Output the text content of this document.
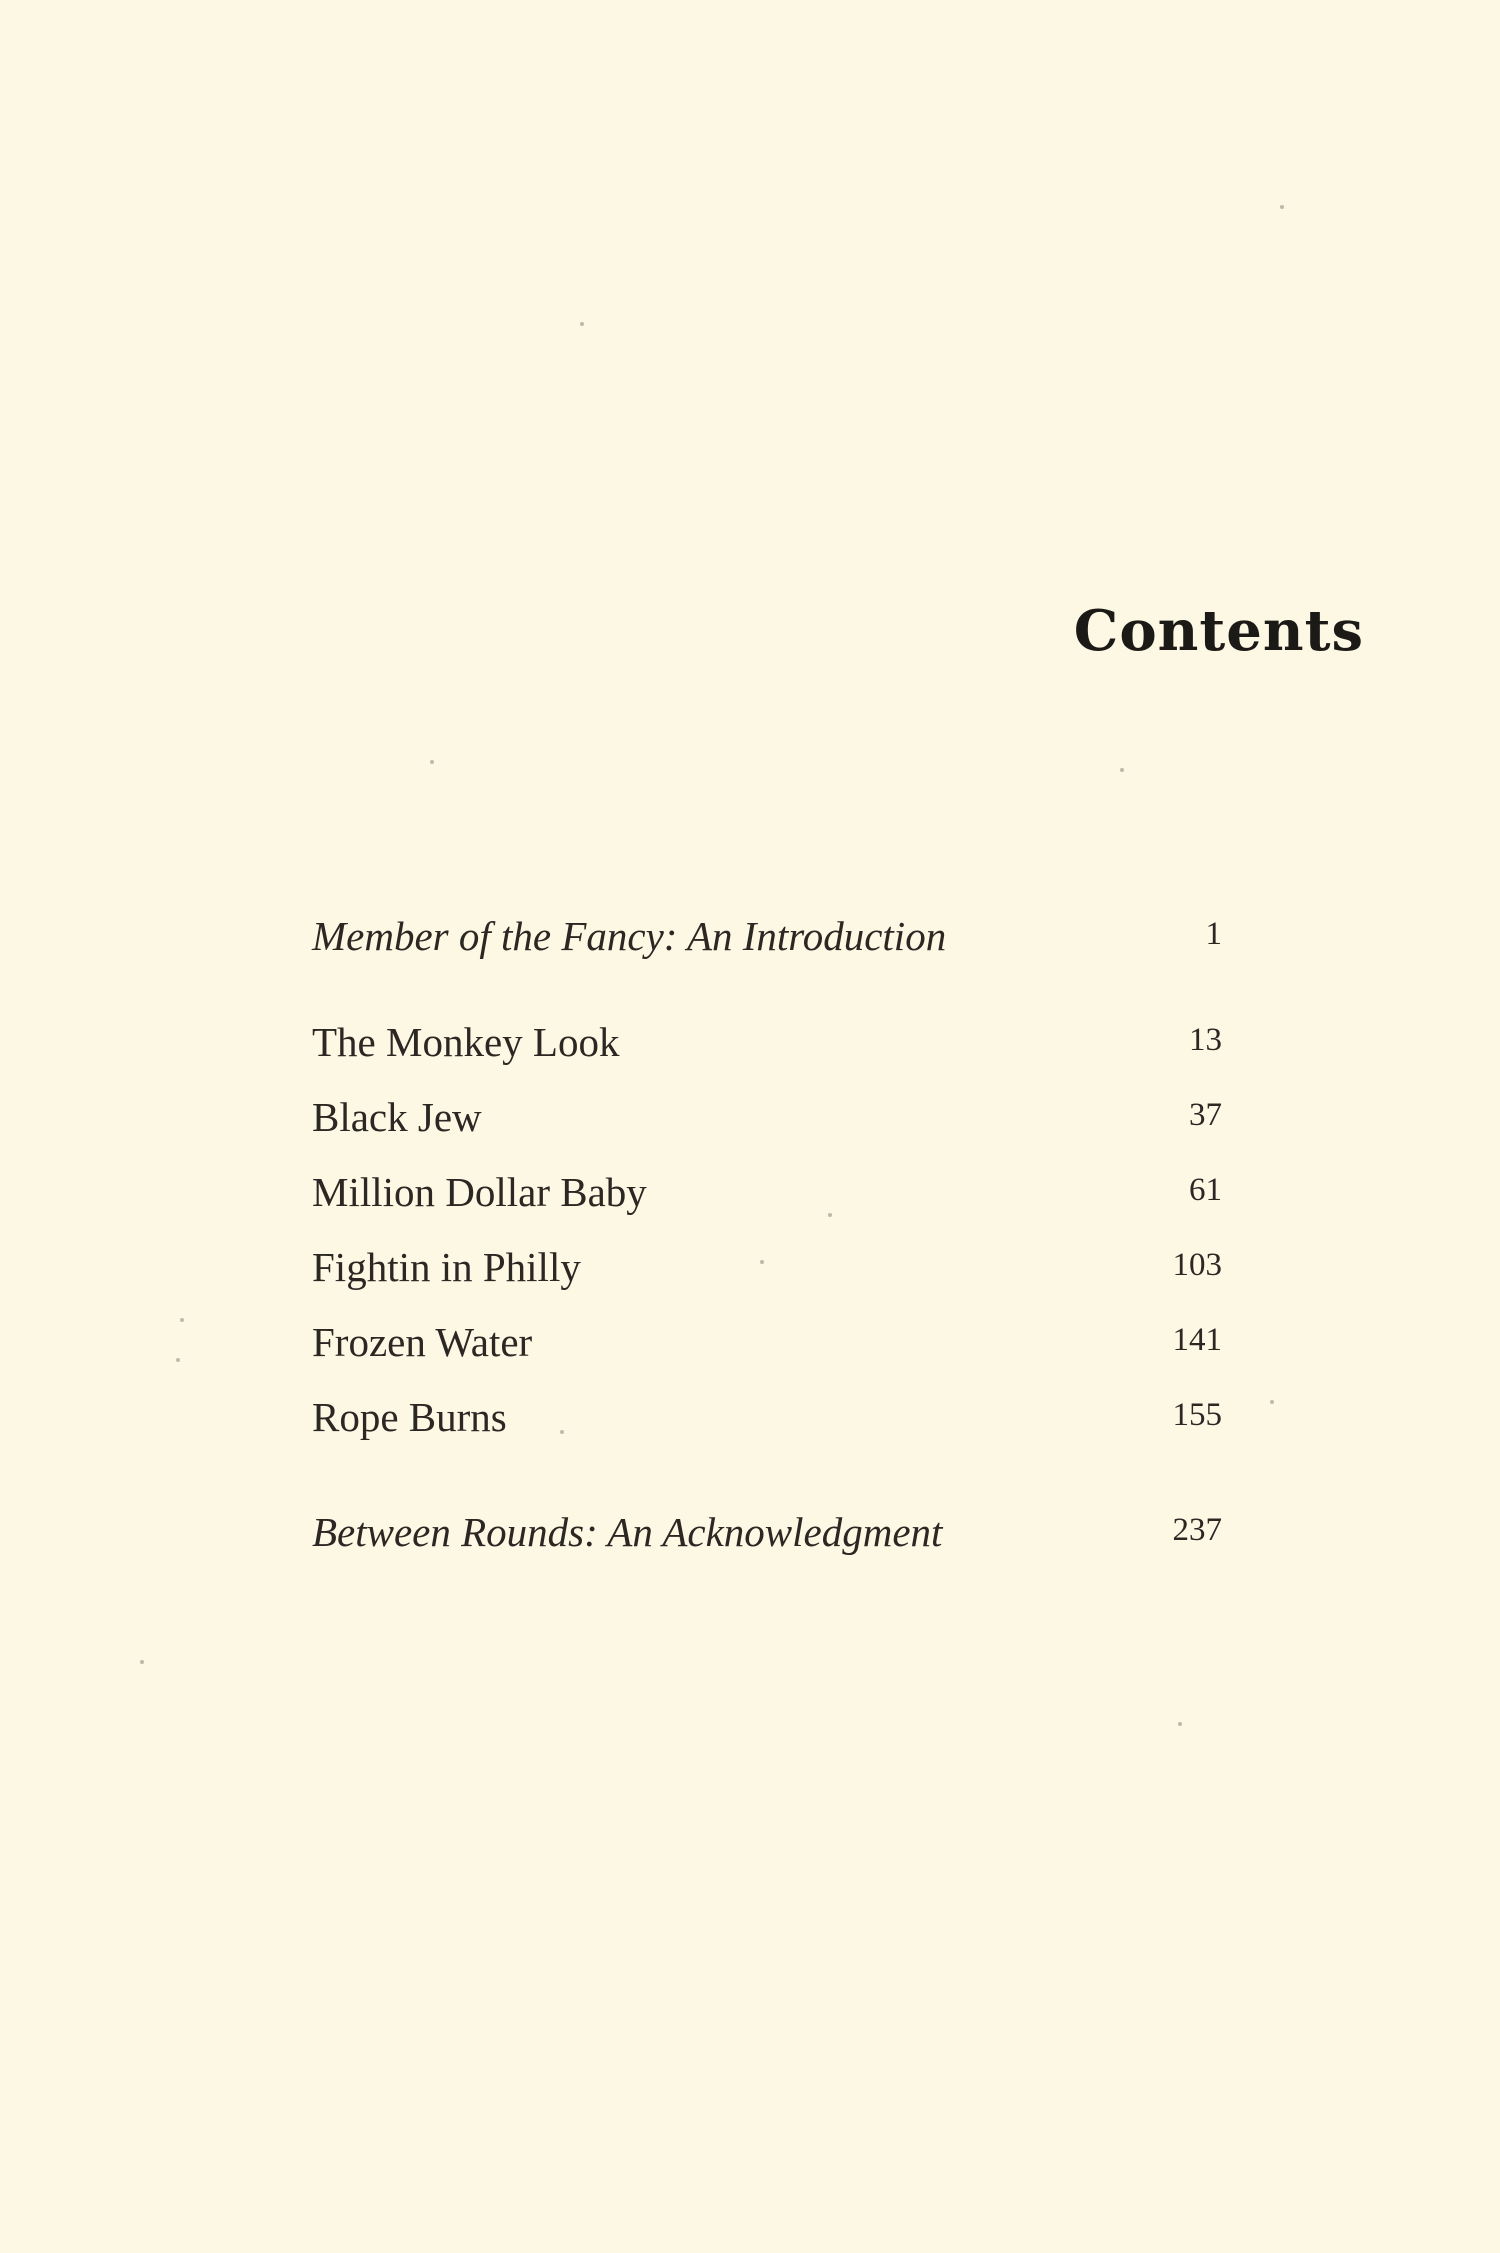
Contents
Member of the Fancy: An Introduction	1
The Monkey Look	13
Black Jew	37
Million Dollar Baby	61
Fightin in Philly	103
Frozen Water	141
Rope Burns	155
Between Rounds: An Acknowledgment	237
